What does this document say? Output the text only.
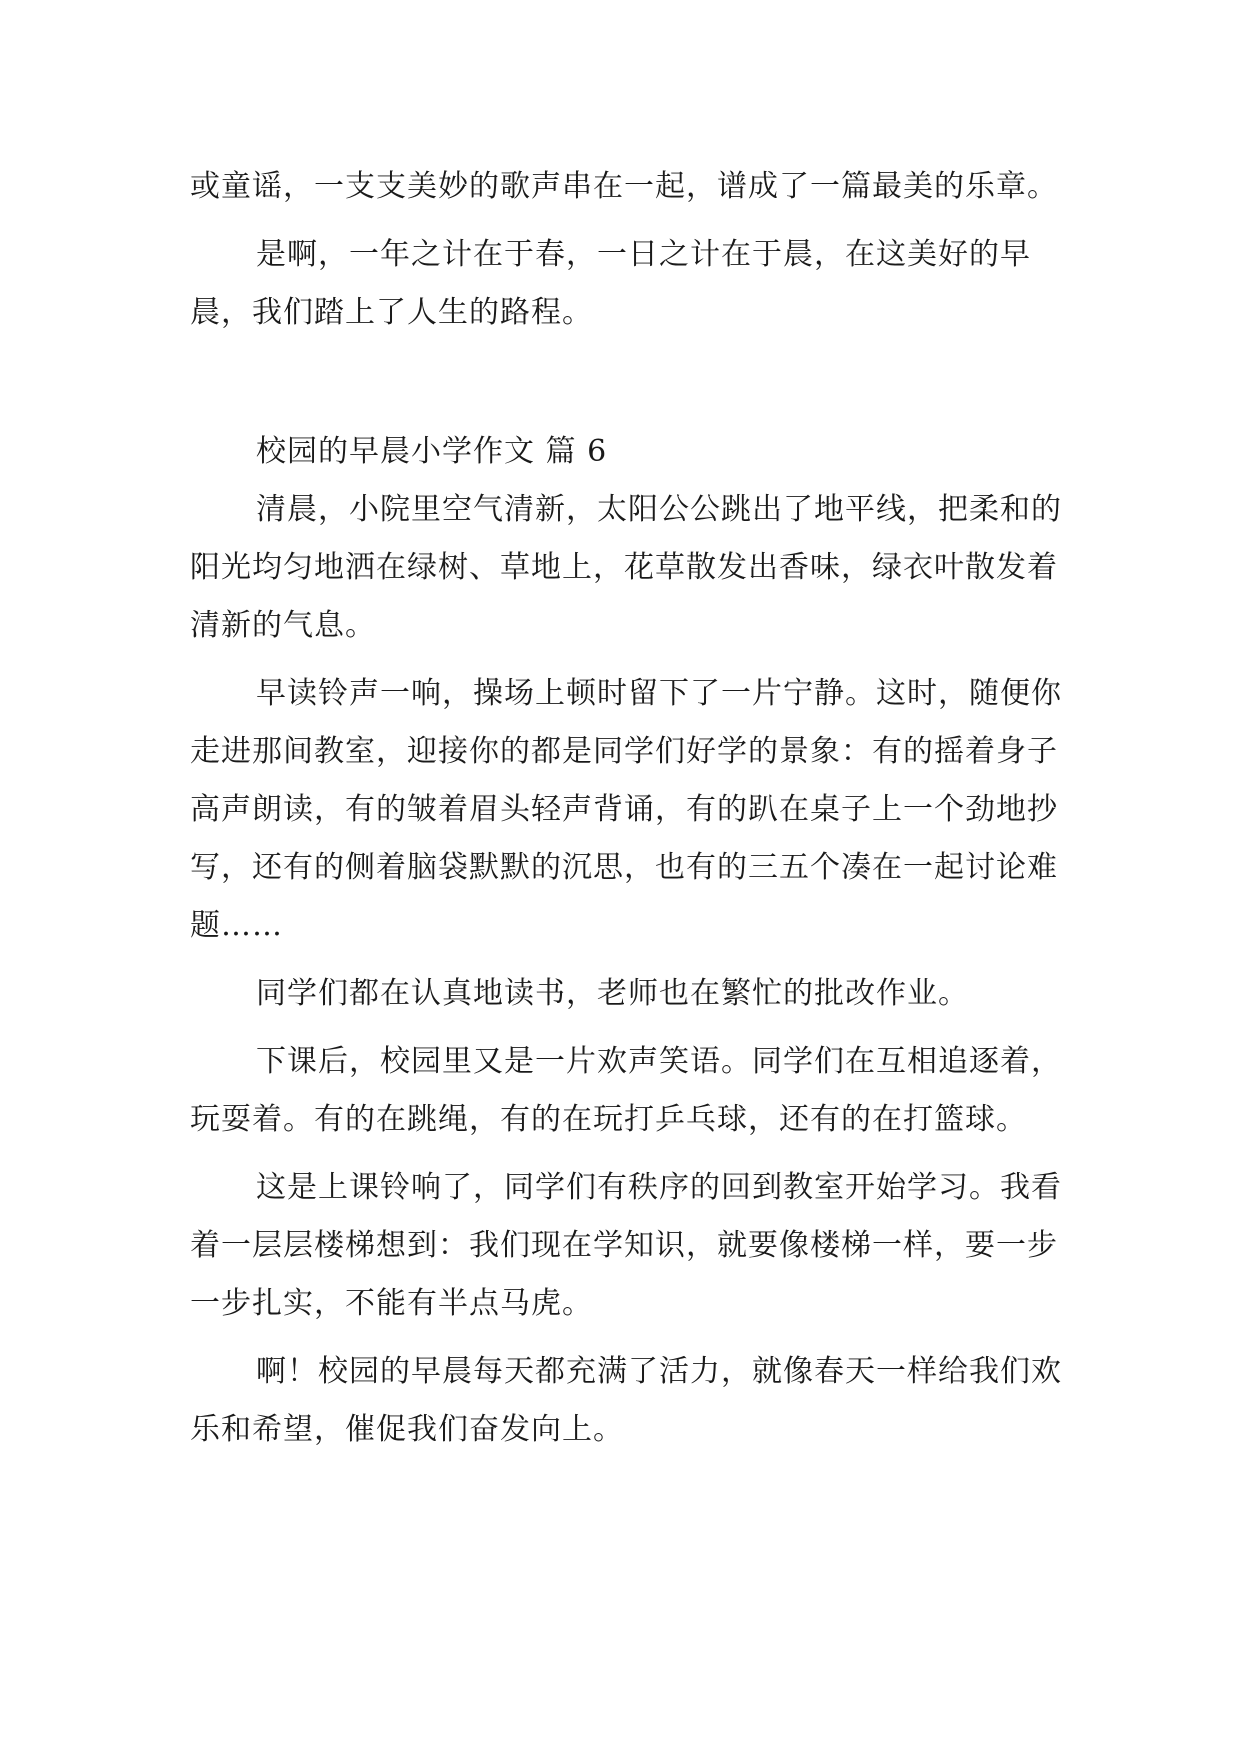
或童谣，一支支美妙的歌声串在一起，谱成了一篇最美的乐章。

是啊，一年之计在于春，一日之计在于晨，在这美好的早晨，我们踏上了人生的路程。

校园的早晨小学作文 篇 6

清晨，小院里空气清新，太阳公公跳出了地平线，把柔和的阳光均匀地洒在绿树、草地上，花草散发出香味，绿衣叶散发着清新的气息。

早读铃声一响，操场上顿时留下了一片宁静。这时，随便你走进那间教室，迎接你的都是同学们好学的景象：有的摇着身子高声朗读，有的皱着眉头轻声背诵，有的趴在桌子上一个劲地抄写，还有的侧着脑袋默默的沉思，也有的三五个凑在一起讨论难题……

同学们都在认真地读书，老师也在繁忙的批改作业。

下课后，校园里又是一片欢声笑语。同学们在互相追逐着，玩耍着。有的在跳绳，有的在玩打乒乓球，还有的在打篮球。

这是上课铃响了，同学们有秩序的回到教室开始学习。我看着一层层楼梯想到：我们现在学知识，就要像楼梯一样，要一步一步扎实，不能有半点马虎。

啊！校园的早晨每天都充满了活力，就像春天一样给我们欢乐和希望，催促我们奋发向上。
